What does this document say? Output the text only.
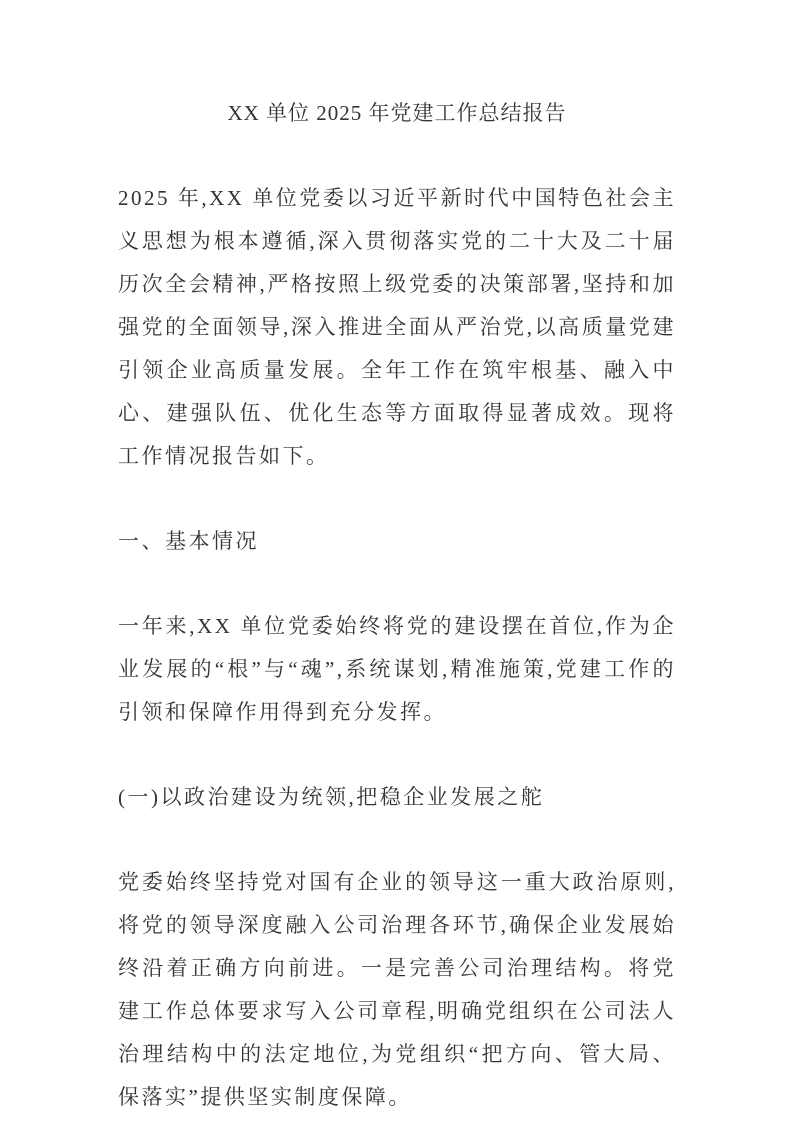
XX 单位 2025 年党建工作总结报告

2025 年,XX 单位党委以习近平新时代中国特色社会主义思想为根本遵循,深入贯彻落实党的二十大及二十届历次全会精神,严格按照上级党委的决策部署,坚持和加强党的全面领导,深入推进全面从严治党,以高质量党建引领企业高质量发展。全年工作在筑牢根基、融入中心、建强队伍、优化生态等方面取得显著成效。现将工作情况报告如下。

一、基本情况

一年来,XX 单位党委始终将党的建设摆在首位,作为企业发展的“根”与“魂”,系统谋划,精准施策,党建工作的引领和保障作用得到充分发挥。

(一)以政治建设为统领,把稳企业发展之舵

党委始终坚持党对国有企业的领导这一重大政治原则,将党的领导深度融入公司治理各环节,确保企业发展始终沿着正确方向前进。一是完善公司治理结构。将党建工作总体要求写入公司章程,明确党组织在公司法人治理结构中的法定地位,为党组织“把方向、管大局、保落实”提供坚实制度保障。
